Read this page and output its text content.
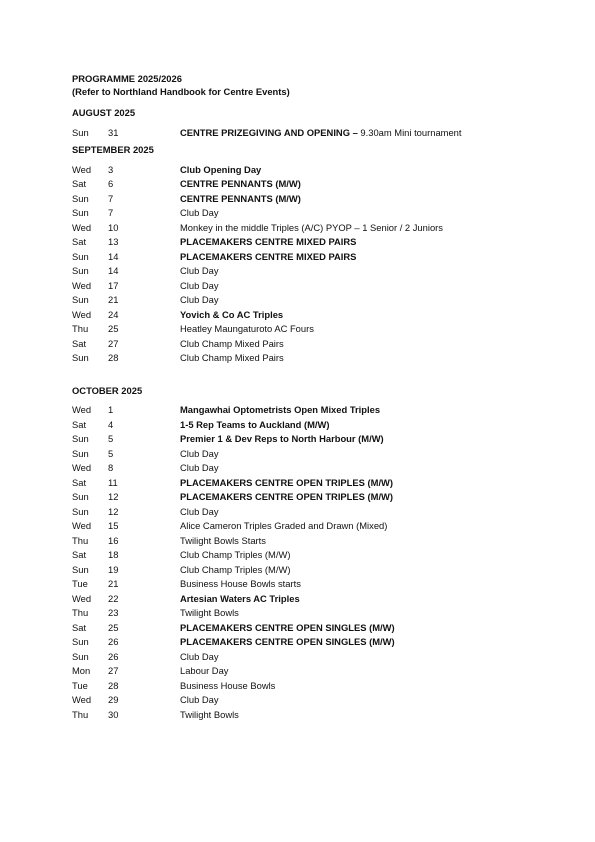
PROGRAMME 2025/2026
(Refer to Northland Handbook for Centre Events)
AUGUST 2025
Sun	31	CENTRE PRIZEGIVING AND OPENING – 9.30am Mini tournament
SEPTEMBER 2025
Wed	3	Club Opening Day
Sat	6	CENTRE PENNANTS (M/W)
Sun	7	CENTRE PENNANTS (M/W)
Sun	7	Club Day
Wed	10	Monkey in the middle Triples (A/C) PYOP – 1 Senior / 2 Juniors
Sat	13	PLACEMAKERS CENTRE MIXED PAIRS
Sun	14	PLACEMAKERS CENTRE MIXED PAIRS
Sun	14	Club Day
Wed	17	Club Day
Sun	21	Club Day
Wed	24	Yovich & Co AC Triples
Thu	25	Heatley Maungaturoto AC Fours
Sat	27	Club Champ Mixed Pairs
Sun	28	Club Champ Mixed Pairs
OCTOBER 2025
Wed	1	Mangawhai Optometrists Open Mixed Triples
Sat	4	1-5 Rep Teams to Auckland (M/W)
Sun	5	Premier 1 & Dev Reps to North Harbour (M/W)
Sun	5	Club Day
Wed	8	Club Day
Sat	11	PLACEMAKERS CENTRE OPEN TRIPLES (M/W)
Sun	12	PLACEMAKERS CENTRE OPEN TRIPLES (M/W)
Sun	12	Club Day
Wed	15	Alice Cameron Triples Graded and Drawn (Mixed)
Thu	16	Twilight Bowls Starts
Sat	18	Club Champ Triples (M/W)
Sun	19	Club Champ Triples (M/W)
Tue	21	Business House Bowls starts
Wed	22	Artesian Waters AC Triples
Thu	23	Twilight Bowls
Sat	25	PLACEMAKERS CENTRE OPEN SINGLES (M/W)
Sun	26	PLACEMAKERS CENTRE OPEN SINGLES (M/W)
Sun	26	Club Day
Mon	27	Labour Day
Tue	28	Business House Bowls
Wed	29	Club Day
Thu	30	Twilight Bowls
